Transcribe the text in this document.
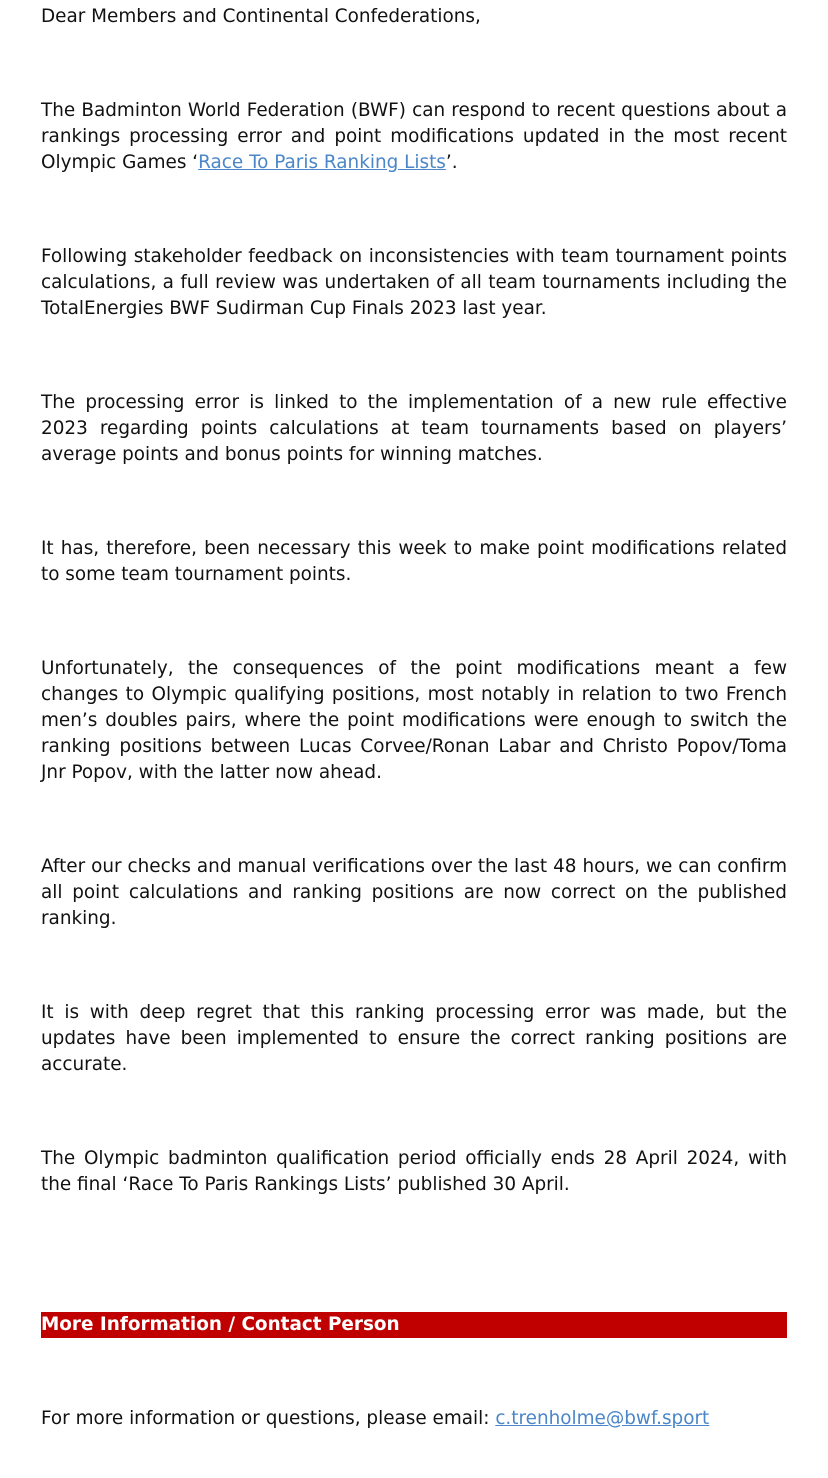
Dear Members and Continental Confederations,

The Badminton World Federation (BWF) can respond to recent questions about a rankings processing error and point modifications updated in the most recent Olympic Games ‘Race To Paris Ranking Lists’.

Following stakeholder feedback on inconsistencies with team tournament points calculations, a full review was undertaken of all team tournaments including the TotalEnergies BWF Sudirman Cup Finals 2023 last year.

The processing error is linked to the implementation of a new rule effective 2023 regarding points calculations at team tournaments based on players’ average points and bonus points for winning matches.

It has, therefore, been necessary this week to make point modifications related to some team tournament points.

Unfortunately, the consequences of the point modifications meant a few changes to Olympic qualifying positions, most notably in relation to two French men’s doubles pairs, where the point modifications were enough to switch the ranking positions between Lucas Corvee/Ronan Labar and Christo Popov/Toma Jnr Popov, with the latter now ahead.

After our checks and manual verifications over the last 48 hours, we can confirm all point calculations and ranking positions are now correct on the published ranking.

It is with deep regret that this ranking processing error was made, but the updates have been implemented to ensure the correct ranking positions are accurate.

The Olympic badminton qualification period officially ends 28 April 2024, with the final ‘Race To Paris Rankings Lists’ published 30 April.

More Information / Contact Person
For more information or questions, please email: c.trenholme@bwf.sport
